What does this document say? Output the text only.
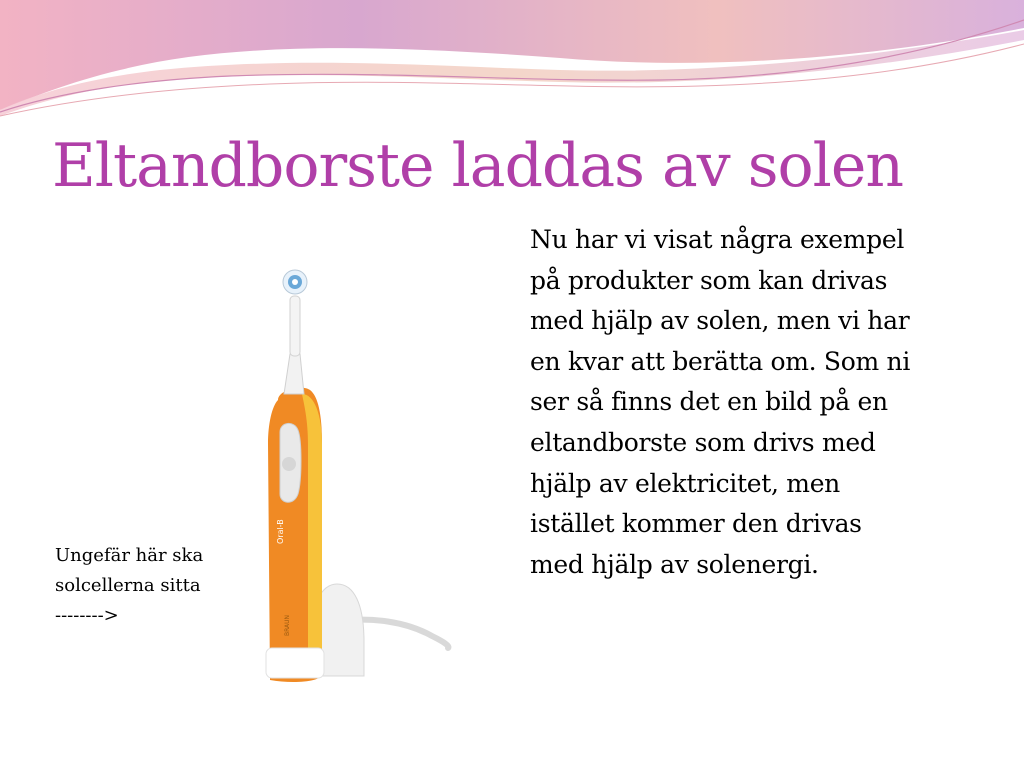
Eltandborste laddas av solen
Oral-B
BRAUN
Nu har vi visat några exempel
på produkter som kan drivas
med hjälp av solen, men vi har
en kvar att berätta om. Som ni
ser så finns det en bild på en
eltandborste som drivs med
hjälp av elektricitet, men
istället kommer den drivas
med hjälp av solenergi.
Ungefär här ska
solcellerna sitta
-------->
